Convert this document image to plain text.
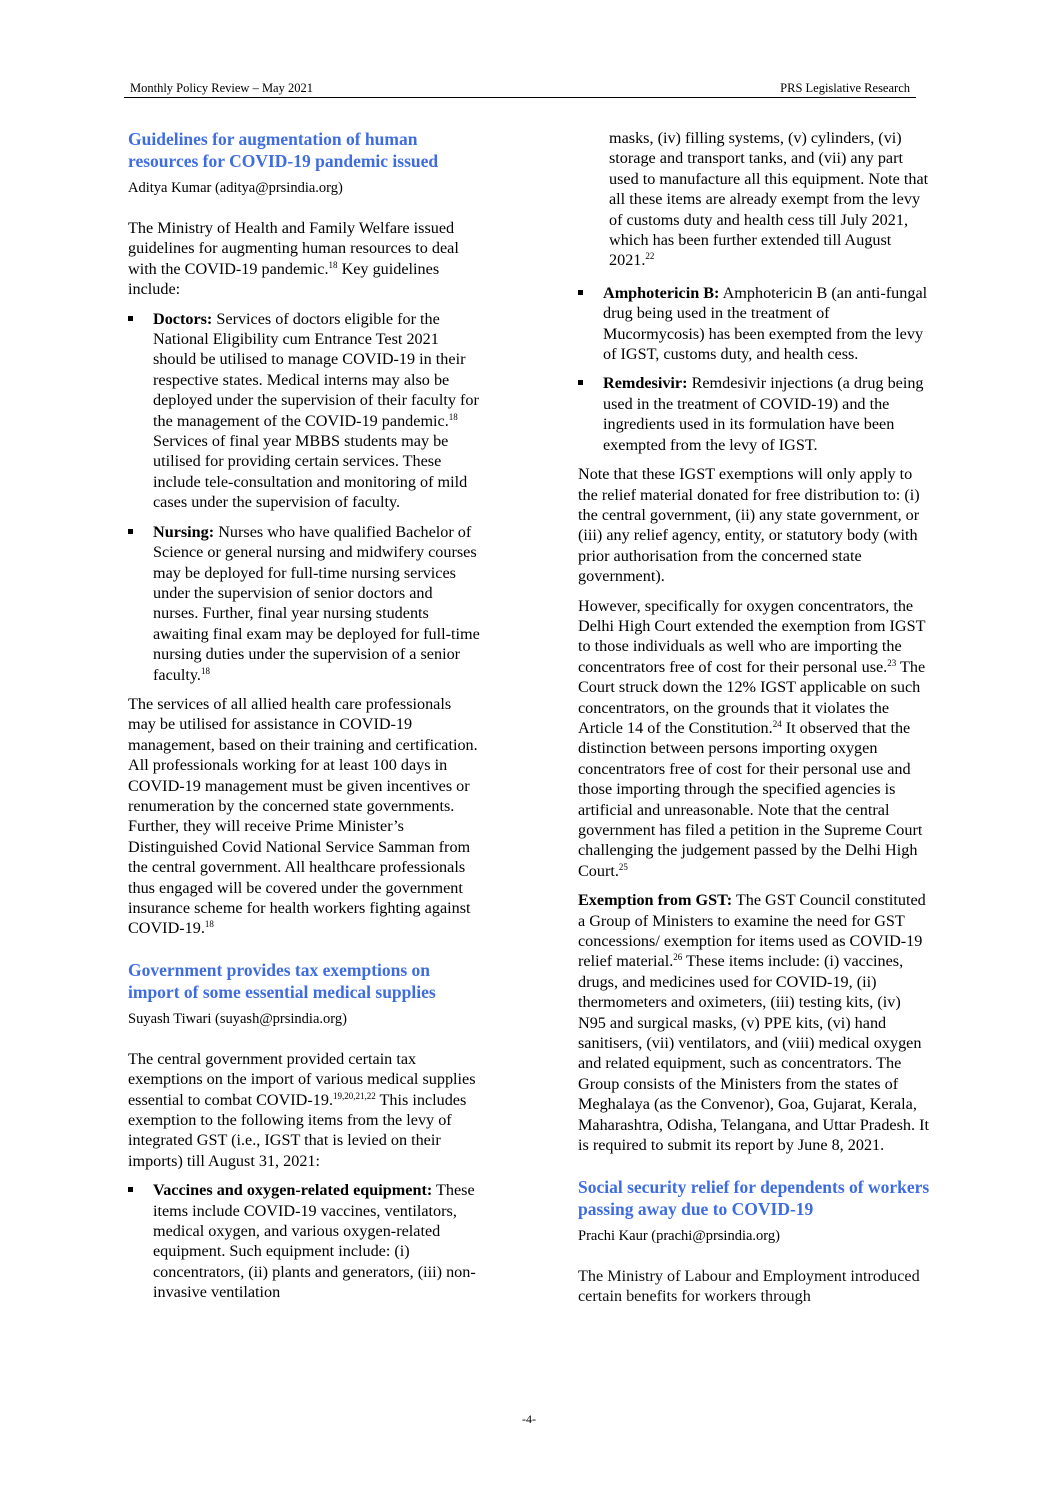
Monthly Policy Review – May 2021	PRS Legislative Research
Guidelines for augmentation of human resources for COVID-19 pandemic issued
Aditya Kumar (aditya@prsindia.org)

The Ministry of Health and Family Welfare issued guidelines for augmenting human resources to deal with the COVID-19 pandemic.$^{18}$ Key guidelines include:

Doctors: Services of doctors eligible for the National Eligibility cum Entrance Test 2021 should be utilised to manage COVID-19 in their respective states. Medical interns may also be deployed under the supervision of their faculty for the management of the COVID-19 pandemic.$^{18}$ Services of final year MBBS students may be utilised for providing certain services. These include tele-consultation and monitoring of mild cases under the supervision of faculty.
Nursing: Nurses who have qualified Bachelor of Science or general nursing and midwifery courses may be deployed for full-time nursing services under the supervision of senior doctors and nurses. Further, final year nursing students awaiting final exam may be deployed for full-time nursing duties under the supervision of a senior faculty.$^{18}$

The services of all allied health care professionals may be utilised for assistance in COVID-19 management, based on their training and certification. All professionals working for at least 100 days in COVID-19 management must be given incentives or renumeration by the concerned state governments. Further, they will receive Prime Minister’s Distinguished Covid National Service Samman from the central government. All healthcare professionals thus engaged will be covered under the government insurance scheme for health workers fighting against COVID-19.18

Government provides tax exemptions on import of some essential medical supplies
Suyash Tiwari (suyash@prsindia.org)

The central government provided certain tax exemptions on the import of various medical supplies essential to combat COVID-19.$^{19,20,21,22}$ This includes exemption to the following items from the levy of integrated GST (i.e., IGST that is levied on their imports) till August 31, 2021:

Vaccines and oxygen-related equipment: These items include COVID-19 vaccines, ventilators, medical oxygen, and various oxygen-related equipment. Such equipment include: (i) concentrators, (ii) plants and generators, (iii) non-invasive ventilation
masks, (iv) filling systems, (v) cylinders, (vi) storage and transport tanks, and (vii) any part used to manufacture all this equipment. Note that all these items are already exempt from the levy of customs duty and health cess till July 2021, which has been further extended till August 2021.22
Amphotericin B: Amphotericin B (an anti-fungal drug being used in the treatment of Mucormycosis) has been exempted from the levy of IGST, customs duty, and health cess.
Remdesivir: Remdesivir injections (a drug being used in the treatment of COVID-19) and the ingredients used in its formulation have been exempted from the levy of IGST.

Note that these IGST exemptions will only apply to the relief material donated for free distribution to: (i) the central government, (ii) any state government, or (iii) any relief agency, entity, or statutory body (with prior authorisation from the concerned state government).

However, specifically for oxygen concentrators, the Delhi High Court extended the exemption from IGST to those individuals as well who are importing the concentrators free of cost for their personal use.$^{23}$ The Court struck down the 12% IGST applicable on such concentrators, on the grounds that it violates the Article 14 of the Constitution.$^{24}$ It observed that the distinction between persons importing oxygen concentrators free of cost for their personal use and those importing through the specified agencies is artificial and unreasonable. Note that the central government has filed a petition in the Supreme Court challenging the judgement passed by the Delhi High Court.$^{25}$

Exemption from GST: The GST Council constituted a Group of Ministers to examine the need for GST concessions/ exemption for items used as COVID-19 relief material.$^{26}$ These items include: (i) vaccines, drugs, and medicines used for COVID-19, (ii) thermometers and oximeters, (iii) testing kits, (iv) N95 and surgical masks, (v) PPE kits, (vi) hand sanitisers, (vii) ventilators, and (viii) medical oxygen and related equipment, such as concentrators. The Group consists of the Ministers from the states of Meghalaya (as the Convenor), Goa, Gujarat, Kerala, Maharashtra, Odisha, Telangana, and Uttar Pradesh. It is required to submit its report by June 8, 2021.

Social security relief for dependents of workers passing away due to COVID-19
Prachi Kaur (prachi@prsindia.org)

The Ministry of Labour and Employment introduced certain benefits for workers through

-4-
